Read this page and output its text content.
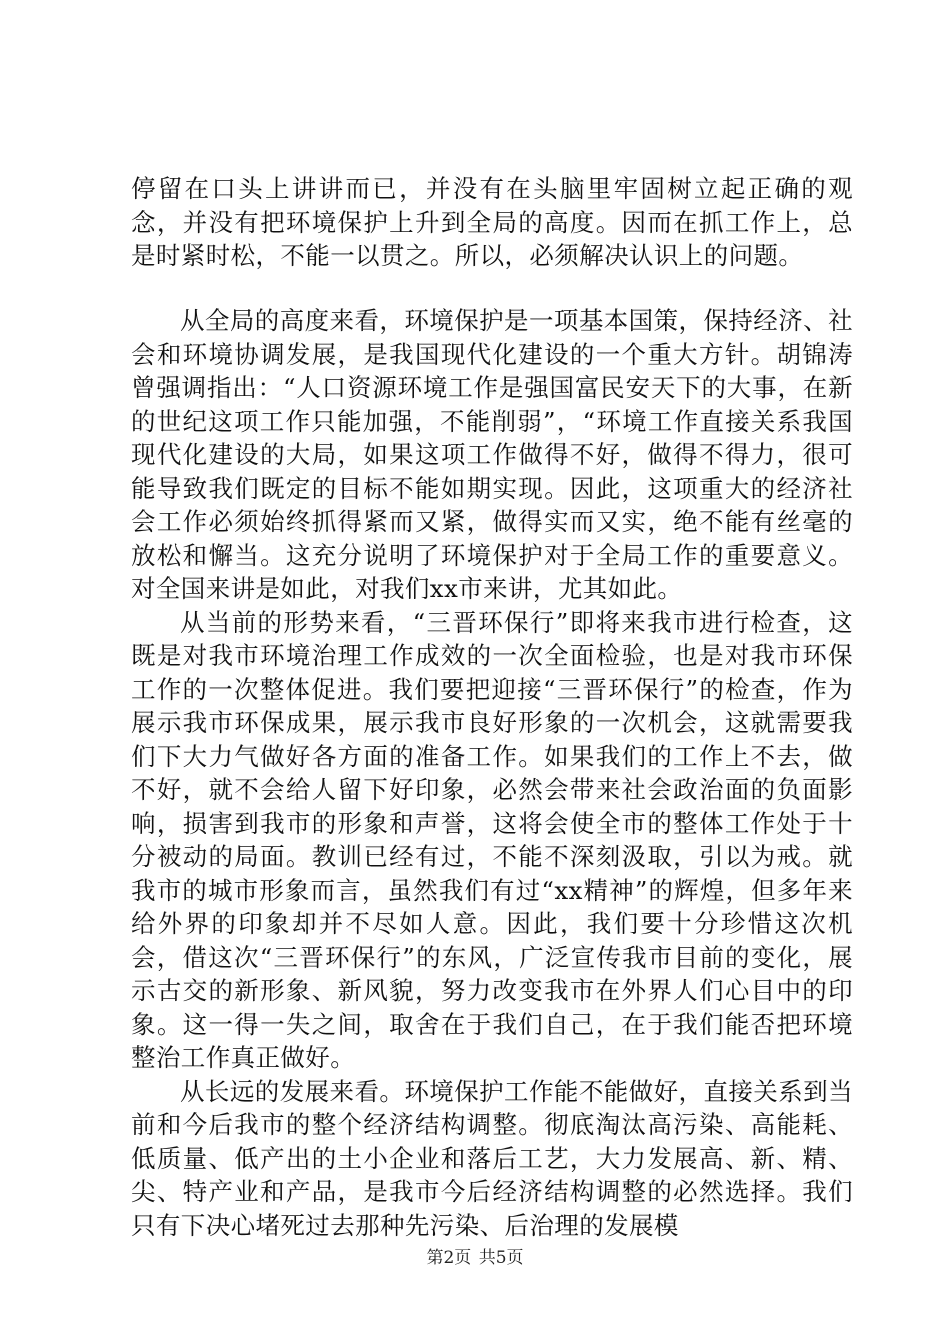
停留在口头上讲讲而已，并没有在头脑里牢固树立起正确的观念，并没有把环境保护上升到全局的高度。因而在抓工作上，总是时紧时松，不能一以贯之。所以，必须解决认识上的问题。

从全局的高度来看，环境保护是一项基本国策，保持经济、社会和环境协调发展，是我国现代化建设的一个重大方针。胡锦涛曾强调指出：“人口资源环境工作是强国富民安天下的大事，在新的世纪这项工作只能加强，不能削弱”，“环境工作直接关系我国现代化建设的大局，如果这项工作做得不好，做得不得力，很可能导致我们既定的目标不能如期实现。因此，这项重大的经济社会工作必须始终抓得紧而又紧，做得实而又实，绝不能有丝毫的放松和懈当。这充分说明了环境保护对于全局工作的重要意义。对全国来讲是如此，对我们xx市来讲，尤其如此。

从当前的形势来看，“三晋环保行”即将来我市进行检查，这既是对我市环境治理工作成效的一次全面检验，也是对我市环保工作的一次整体促进。我们要把迎接“三晋环保行”的检查，作为展示我市环保成果，展示我市良好形象的一次机会，这就需要我们下大力气做好各方面的准备工作。如果我们的工作上不去，做不好，就不会给人留下好印象，必然会带来社会政治面的负面影响，损害到我市的形象和声誉，这将会使全市的整体工作处于十分被动的局面。教训已经有过，不能不深刻汲取，引以为戒。就我市的城市形象而言，虽然我们有过“xx精神”的辉煌，但多年来给外界的印象却并不尽如人意。因此，我们要十分珍惜这次机会，借这次“三晋环保行”的东风，广泛宣传我市目前的变化，展示古交的新形象、新风貌，努力改变我市在外界人们心目中的印象。这一得一失之间，取舍在于我们自己，在于我们能否把环境整治工作真正做好。

从长远的发展来看。环境保护工作能不能做好，直接关系到当前和今后我市的整个经济结构调整。彻底淘汰高污染、高能耗、低质量、低产出的土小企业和落后工艺，大力发展高、新、精、尖、特产业和产品，是我市今后经济结构调整的必然选择。我们只有下决心堵死过去那种先污染、后治理的发展模

第2页 共5页
